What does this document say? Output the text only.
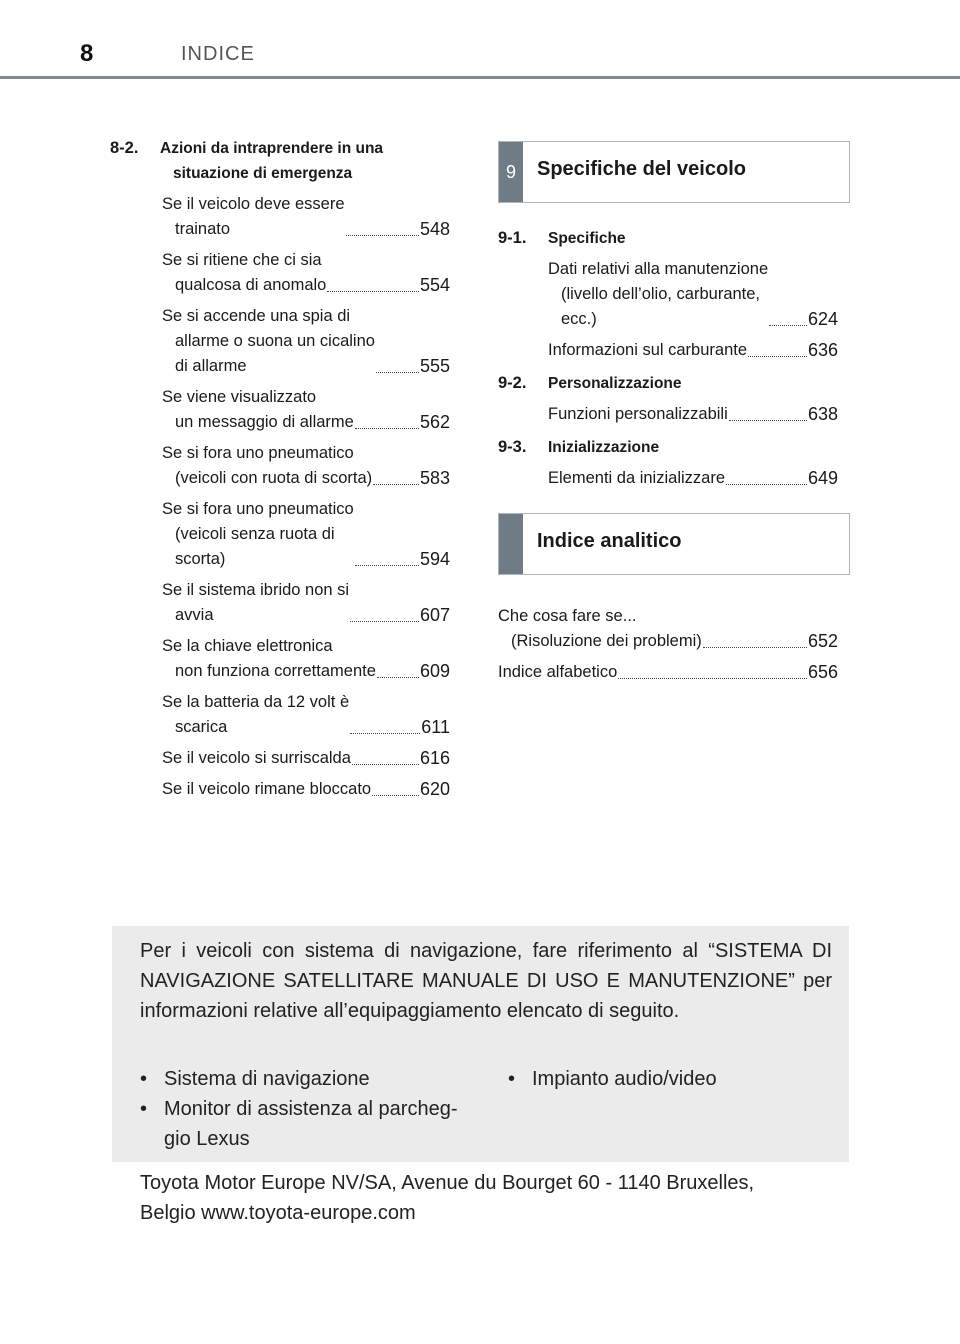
8	INDICE
8-2.	Azioni da intraprendere in una
situazione di emergenza
Se il veicolo deve essere
trainato	548
Se si ritiene che ci sia
qualcosa di anomalo	554
Se si accende una spia di
allarme o suona un cicalino
di allarme	555
Se viene visualizzato
un messaggio di allarme	562
Se si fora uno pneumatico
(veicoli con ruota di scorta)	583
Se si fora uno pneumatico
(veicoli senza ruota di
scorta)	594
Se il sistema ibrido non si
avvia	607
Se la chiave elettronica
non funziona correttamente 609
Se la batteria da 12 volt è
scarica	611
Se il veicolo si surriscalda	616
Se il veicolo rimane bloccato	620
9	Specifiche del veicolo
9-1.	Specifiche
Dati relativi alla manutenzione
(livello dell’olio, carburante,
ecc.)	624
Informazioni sul carburante	636
9-2.	Personalizzazione
Funzioni personalizzabili	638
9-3.	Inizializzazione
Elementi da inizializzare	649
Indice analitico
Che cosa fare se...
(Risoluzione dei problemi)	652
Indice alfabetico	656
Per i veicoli con sistema di navigazione, fare riferimento al “SISTEMA DI NAVIGAZIONE SATELLITARE MANUALE DI USO E MANUTENZIONE” per informazioni relative all’equipaggiamento elencato di seguito.
• Sistema di navigazione
• Monitor di assistenza al parcheg-
gio Lexus
• Impianto audio/video
Toyota Motor Europe NV/SA, Avenue du Bourget 60 - 1140 Bruxelles,
Belgio www.toyota-europe.com
